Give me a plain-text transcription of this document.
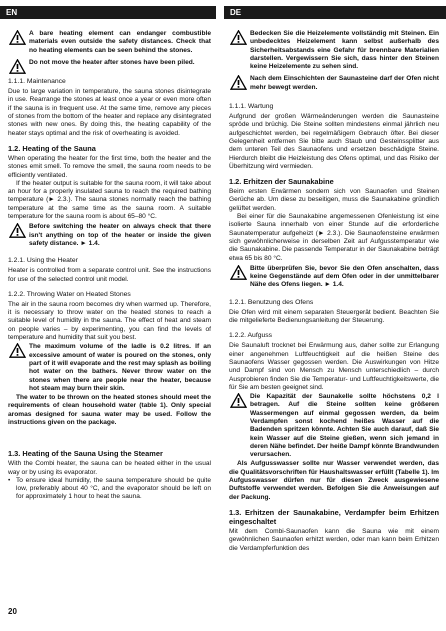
EN	DE
A bare heating element can endanger combustible materials even outside the safety distances. Check that no heating elements can be seen behind the stones.
Do not move the heater after stones have been piled.
1.1.1. Maintenance

Due to large variation in temperature, the sauna stones disintegrate in use. Rearrange the stones at least once a year or even more often if the sauna is in frequent use. At the same time, remove any pieces of stones from the bottom of the heater and replace any disintegrated stones with new ones. By doing this, the heating capability of the heater stays optimal and the risk of overheating is avoided.

1.2. Heating of the Sauna

When operating the heater for the first time, both the heater and the stones emit smell. To remove the smell, the sauna room needs to be efficiently ventilated.

If the heater output is suitable for the sauna room, it will take about an hour for a properly insulated sauna to reach the required bathing temperature (► 2.3.). The sauna stones normally reach the bathing temperature at the same time as the sauna room. A suitable temperature for the sauna room is about 65–80 °C.

Before switching the heater on always check that there isn't anything on top of the heater or inside the given safety distance. ► 1.4.
1.2.1. Using the Heater

Heater is controlled from a separate control unit. See the instructions for use of the selected control unit model.

1.2.2. Throwing Water on Heated Stones

The air in the sauna room becomes dry when warmed up. Therefore, it is necessary to throw water on the heated stones to reach a suitable level of humidity in the sauna. The effect of heat and steam on people varies – by experimenting, you can find the levels of temperature and humidity that suit you best.

The maximum volume of the ladle is 0.2 litres. If an excessive amount of water is poured on the stones, only part of it will evaporate and the rest may splash as boiling hot water on the bathers. Never throw water on the stones when there are people near the heater, because hot steam may burn their skin.

The water to be thrown on the heated stones should meet the requirements of clean household water (table 1). Only special aromas designed for sauna water may be used. Follow the instructions given on the package.

1.3. Heating of the Sauna Using the Steamer

With the Combi heater, the sauna can be heated either in the usual way or by using its evaporator.

• To ensure ideal humidity, the sauna temperature should be quite low, preferably about 40 °C, and the evaporator should be left on for approximately 1 hour to heat the sauna.
Bedecken Sie die Heizelemente vollständig mit Steinen. Ein unbedecktes Heizelement kann selbst außerhalb des Sicherheitsabstands eine Gefahr für brennbare Materialien darstellen. Vergewissern Sie sich, dass hinter den Steinen keine Heizelemente zu sehen sind.
Nach dem Einschichten der Saunasteine darf der Ofen nicht mehr bewegt werden.
1.1.1. Wartung

Aufgrund der großen Wärmeänderungen werden die Saunasteine spröde und brüchig. Die Steine sollten mindestens einmal jährlich neu aufgeschichtet werden, bei regelmäßigem Gebrauch öfter. Bei dieser Gelegenheit entfernen Sie bitte auch Staub und Gesteinssplitter aus dem unteren Teil des Saunaofens und ersetzen beschädigte Steine. Hierdurch bleibt die Heizleistung des Ofens optimal, und das Risiko der Überhitzung wird vermieden.

1.2. Erhitzen der Saunakabine

Beim ersten Erwärmen sondern sich von Saunaofen und Steinen Gerüche ab. Um diese zu beseitigen, muss die Saunakabine gründlich gelüftet werden.

Bei einer für die Saunakabine angemessenen Ofenleistung ist eine isolierte Sauna innerhalb von einer Stunde auf die erforderliche Saunatemperatur aufgeheizt (► 2.3.). Die Saunaofensteine erwärmen sich gewöhnlicherweise in derselben Zeit auf Aufgusstemperatur wie die Saunakabine. Die passende Temperatur in der Saunakabine beträgt etwa 65 bis 80 °C.

Bitte überprüfen Sie, bevor Sie den Ofen anschalten, dass keine Gegenstände auf dem Ofen oder in der unmittelbarer Nähe des Ofens liegen. ► 1.4.
1.2.1. Benutzung des Ofens

Die Ofen wird mit einem separaten Steuergerät bedient. Beachten Sie die mitgelieferte Bedienungsanleitung der Steuerung.

1.2.2. Aufguss

Die Saunaluft trocknet bei Erwärmung aus, daher sollte zur Erlangung einer angenehmen Luftfeuchtigkeit auf die heißen Steine des Saunaofens Wasser gegossen werden. Die Auswirkungen von Hitze und Dampf sind von Mensch zu Mensch unterschiedlich – durch Ausprobieren finden Sie die Temperatur- und Luftfeuchtigkeitswerte, die für Sie am besten geeignet sind.

Die Kapazität der Saunakelle sollte höchstens 0,2 l betragen. Auf die Steine sollten keine größeren Wassermengen auf einmal gegossen werden, da beim Verdampfen sonst kochend heißes Wasser auf die Badenden spritzen könnte. Achten Sie auch darauf, daß Sie kein Wasser auf die Steine gießen, wenn sich jemand in deren Nähe befindet. Der heiße Dampf könnte Brandwunden verursachen.

Als Aufgusswasser sollte nur Wasser verwendet werden, das die Qualitätsvorschriften für Haushaltswasser erfüllt (Tabelle 1). Im Aufgusswasser dürfen nur für diesen Zweck ausgewiesene Duftstoffe verwendet werden. Befolgen Sie die Anweisungen auf der Packung.

1.3. Erhitzen der Saunakabine, Verdampfer beim Erhitzen eingeschaltet

Mit dem Combi-Saunaofen kann die Sauna wie mit einem gewöhnlichen Saunaofen erhitzt werden, oder man kann beim Erhitzen die Verdampferfunktion des

20
